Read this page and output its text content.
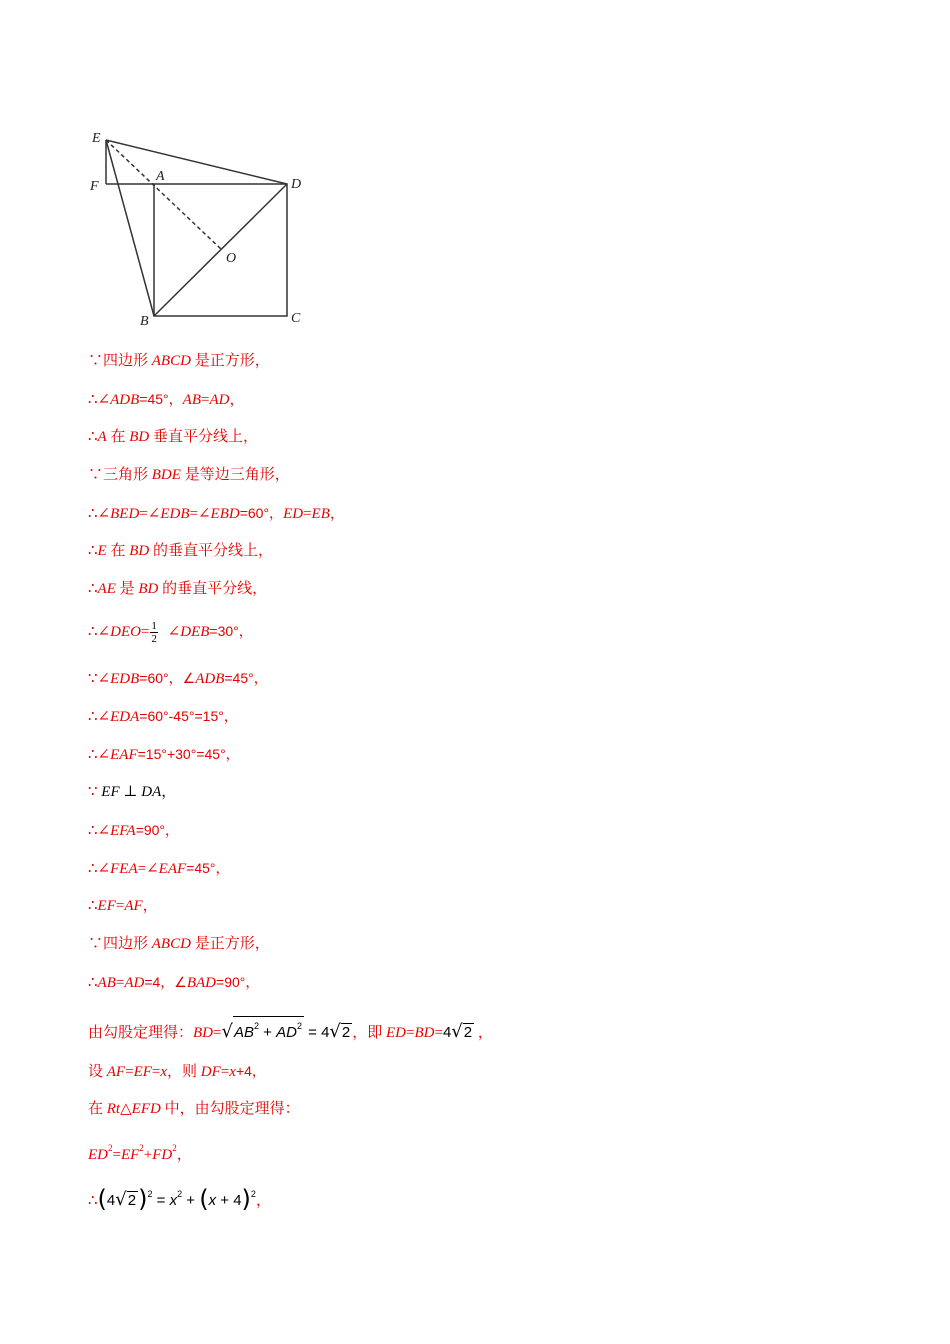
E
F
A
D
O
B	C
∵四边形 ABCD 是正方形，
∴∠ADB=45°，AB=AD，
∴A 在 BD 垂直平分线上，
∵三角形 BDE 是等边三角形，
∴∠BED=∠EDB=∠EBD=60°，ED=EB，
∴E 在 BD 的垂直平分线上，
∴AE 是 BD 的垂直平分线，
∴∠DEO= $\frac{1}{2}$ ∠DEB=30°，
∵∠EDB=60°，∠ADB=45°，
∴∠EDA=60°-45°=15°，
∴∠EAF=15°+30°=45°，
∵ EF ⊥ DA，
∴∠EFA=90°，
∴∠FEA=∠EAF=45°，
∴EF=AF，
∵四边形 ABCD 是正方形，
∴AB=AD=4，∠BAD=90°，
由勾股定理得：$BD=√AB^2 + AD^2 = 4√2$ ，即 ED=BD=4√2 ，
设 AF=EF=x，则 DF=x+4，
在 Rt△EFD 中，由勾股定理得：
$ED^2=EF^2+FD^2$，
$\therefore(4√2)^2 = x^2 + (x + 4)^2$，
